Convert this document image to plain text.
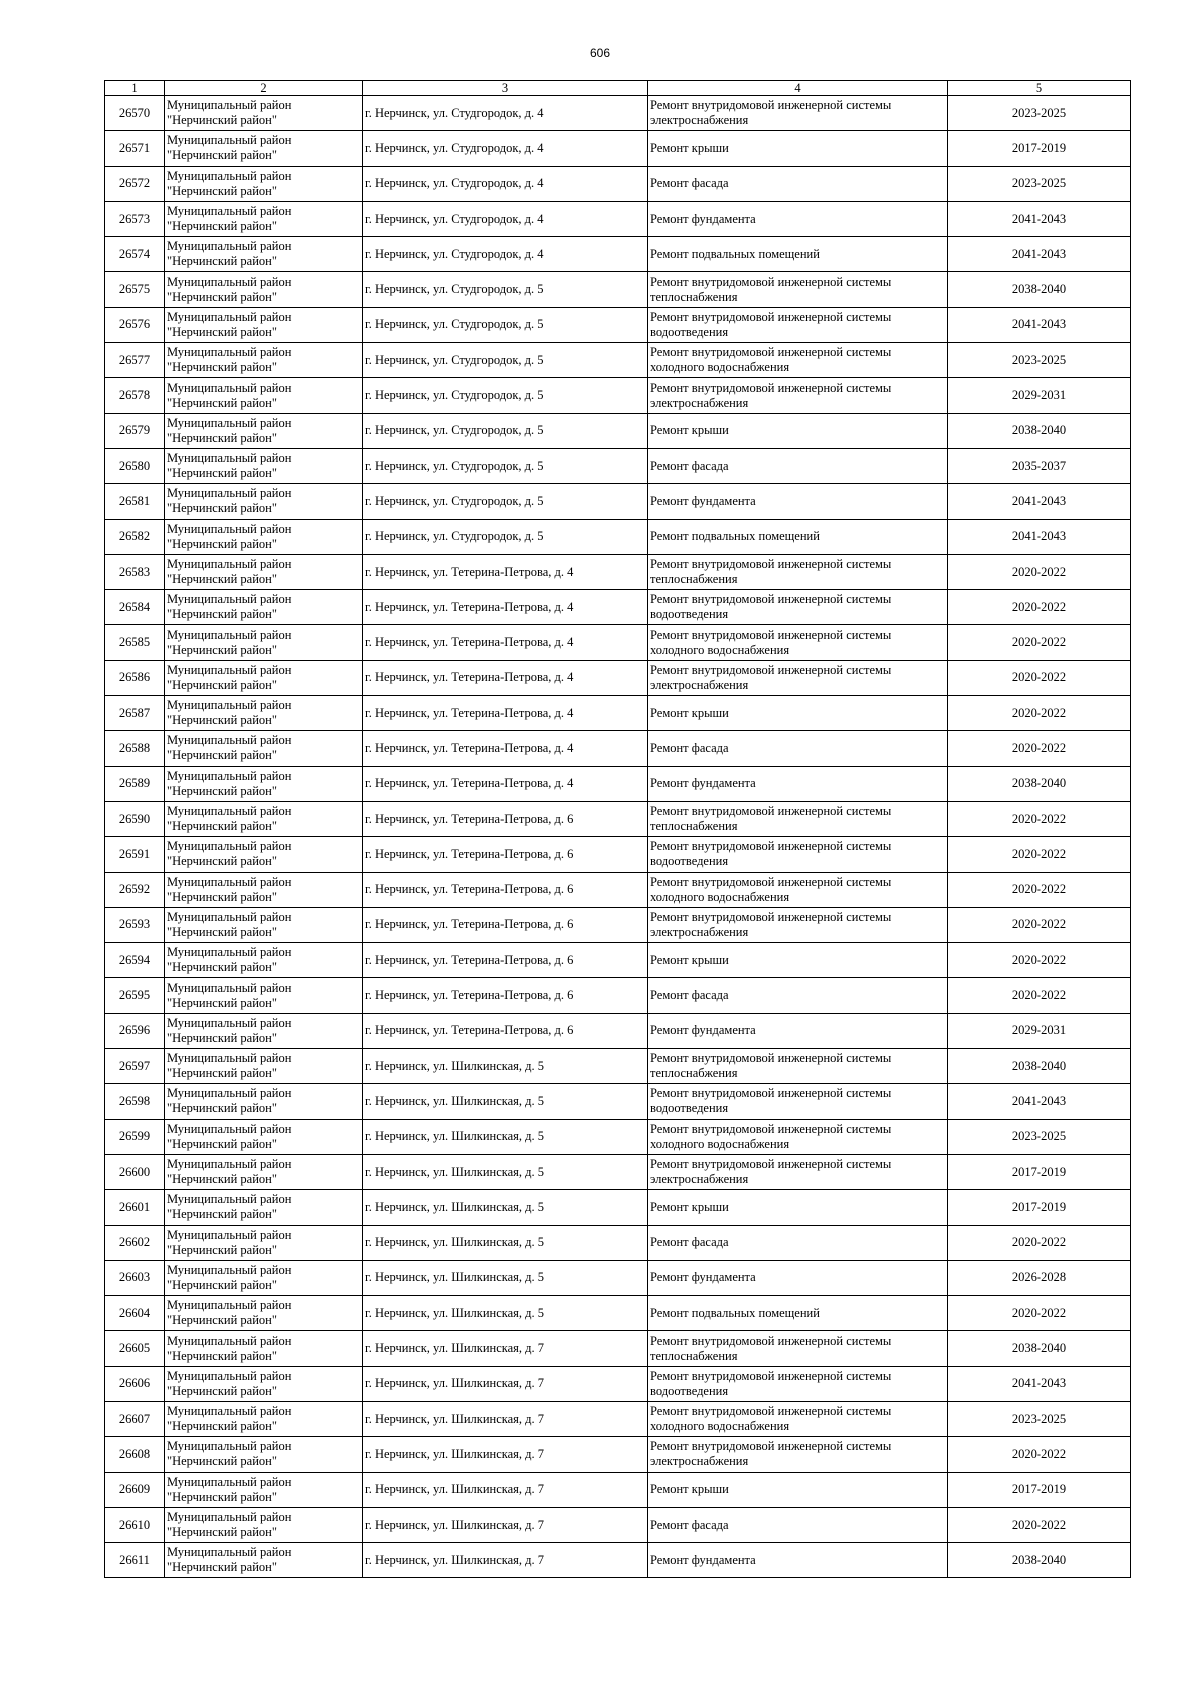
606
1	2	3	4	5
26570	Муниципальный район
"Нерчинский район"	г. Нерчинск, ул. Студгородок, д. 4	Ремонт внутридомовой инженерной системы
электроснабжения	2023-2025
26571	Муниципальный район
"Нерчинский район"	г. Нерчинск, ул. Студгородок, д. 4	Ремонт крыши	2017-2019
26572	Муниципальный район
"Нерчинский район"	г. Нерчинск, ул. Студгородок, д. 4	Ремонт фасада	2023-2025
26573	Муниципальный район
"Нерчинский район"	г. Нерчинск, ул. Студгородок, д. 4	Ремонт фундамента	2041-2043
26574	Муниципальный район
"Нерчинский район"	г. Нерчинск, ул. Студгородок, д. 4	Ремонт подвальных помещений	2041-2043
26575	Муниципальный район
"Нерчинский район"	г. Нерчинск, ул. Студгородок, д. 5	Ремонт внутридомовой инженерной системы
теплоснабжения	2038-2040
26576	Муниципальный район
"Нерчинский район"	г. Нерчинск, ул. Студгородок, д. 5	Ремонт внутридомовой инженерной системы
водоотведения	2041-2043
26577	Муниципальный район
"Нерчинский район"	г. Нерчинск, ул. Студгородок, д. 5	Ремонт внутридомовой инженерной системы
холодного водоснабжения	2023-2025
26578	Муниципальный район
"Нерчинский район"	г. Нерчинск, ул. Студгородок, д. 5	Ремонт внутридомовой инженерной системы
электроснабжения	2029-2031
26579	Муниципальный район
"Нерчинский район"	г. Нерчинск, ул. Студгородок, д. 5	Ремонт крыши	2038-2040
26580	Муниципальный район
"Нерчинский район"	г. Нерчинск, ул. Студгородок, д. 5	Ремонт фасада	2035-2037
26581	Муниципальный район
"Нерчинский район"	г. Нерчинск, ул. Студгородок, д. 5	Ремонт фундамента	2041-2043
26582	Муниципальный район
"Нерчинский район"	г. Нерчинск, ул. Студгородок, д. 5	Ремонт подвальных помещений	2041-2043
26583	Муниципальный район
"Нерчинский район"	г. Нерчинск, ул. Тетерина-Петрова, д. 4	Ремонт внутридомовой инженерной системы
теплоснабжения	2020-2022
26584	Муниципальный район
"Нерчинский район"	г. Нерчинск, ул. Тетерина-Петрова, д. 4	Ремонт внутридомовой инженерной системы
водоотведения	2020-2022
26585	Муниципальный район
"Нерчинский район"	г. Нерчинск, ул. Тетерина-Петрова, д. 4	Ремонт внутридомовой инженерной системы
холодного водоснабжения	2020-2022
26586	Муниципальный район
"Нерчинский район"	г. Нерчинск, ул. Тетерина-Петрова, д. 4	Ремонт внутридомовой инженерной системы
электроснабжения	2020-2022
26587	Муниципальный район
"Нерчинский район"	г. Нерчинск, ул. Тетерина-Петрова, д. 4	Ремонт крыши	2020-2022
26588	Муниципальный район
"Нерчинский район"	г. Нерчинск, ул. Тетерина-Петрова, д. 4	Ремонт фасада	2020-2022
26589	Муниципальный район
"Нерчинский район"	г. Нерчинск, ул. Тетерина-Петрова, д. 4	Ремонт фундамента	2038-2040
26590	Муниципальный район
"Нерчинский район"	г. Нерчинск, ул. Тетерина-Петрова, д. 6	Ремонт внутридомовой инженерной системы
теплоснабжения	2020-2022
26591	Муниципальный район
"Нерчинский район"	г. Нерчинск, ул. Тетерина-Петрова, д. 6	Ремонт внутридомовой инженерной системы
водоотведения	2020-2022
26592	Муниципальный район
"Нерчинский район"	г. Нерчинск, ул. Тетерина-Петрова, д. 6	Ремонт внутридомовой инженерной системы
холодного водоснабжения	2020-2022
26593	Муниципальный район
"Нерчинский район"	г. Нерчинск, ул. Тетерина-Петрова, д. 6	Ремонт внутридомовой инженерной системы
электроснабжения	2020-2022
26594	Муниципальный район
"Нерчинский район"	г. Нерчинск, ул. Тетерина-Петрова, д. 6	Ремонт крыши	2020-2022
26595	Муниципальный район
"Нерчинский район"	г. Нерчинск, ул. Тетерина-Петрова, д. 6	Ремонт фасада	2020-2022
26596	Муниципальный район
"Нерчинский район"	г. Нерчинск, ул. Тетерина-Петрова, д. 6	Ремонт фундамента	2029-2031
26597	Муниципальный район
"Нерчинский район"	г. Нерчинск, ул. Шилкинская, д. 5	Ремонт внутридомовой инженерной системы
теплоснабжения	2038-2040
26598	Муниципальный район
"Нерчинский район"	г. Нерчинск, ул. Шилкинская, д. 5	Ремонт внутридомовой инженерной системы
водоотведения	2041-2043
26599	Муниципальный район
"Нерчинский район"	г. Нерчинск, ул. Шилкинская, д. 5	Ремонт внутридомовой инженерной системы
холодного водоснабжения	2023-2025
26600	Муниципальный район
"Нерчинский район"	г. Нерчинск, ул. Шилкинская, д. 5	Ремонт внутридомовой инженерной системы
электроснабжения	2017-2019
26601	Муниципальный район
"Нерчинский район"	г. Нерчинск, ул. Шилкинская, д. 5	Ремонт крыши	2017-2019
26602	Муниципальный район
"Нерчинский район"	г. Нерчинск, ул. Шилкинская, д. 5	Ремонт фасада	2020-2022
26603	Муниципальный район
"Нерчинский район"	г. Нерчинск, ул. Шилкинская, д. 5	Ремонт фундамента	2026-2028
26604	Муниципальный район
"Нерчинский район"	г. Нерчинск, ул. Шилкинская, д. 5	Ремонт подвальных помещений	2020-2022
26605	Муниципальный район
"Нерчинский район"	г. Нерчинск, ул. Шилкинская, д. 7	Ремонт внутридомовой инженерной системы
теплоснабжения	2038-2040
26606	Муниципальный район
"Нерчинский район"	г. Нерчинск, ул. Шилкинская, д. 7	Ремонт внутридомовой инженерной системы
водоотведения	2041-2043
26607	Муниципальный район
"Нерчинский район"	г. Нерчинск, ул. Шилкинская, д. 7	Ремонт внутридомовой инженерной системы
холодного водоснабжения	2023-2025
26608	Муниципальный район
"Нерчинский район"	г. Нерчинск, ул. Шилкинская, д. 7	Ремонт внутридомовой инженерной системы
электроснабжения	2020-2022
26609	Муниципальный район
"Нерчинский район"	г. Нерчинск, ул. Шилкинская, д. 7	Ремонт крыши	2017-2019
26610	Муниципальный район
"Нерчинский район"	г. Нерчинск, ул. Шилкинская, д. 7	Ремонт фасада	2020-2022
26611	Муниципальный район
"Нерчинский район"	г. Нерчинск, ул. Шилкинская, д. 7	Ремонт фундамента	2038-2040
